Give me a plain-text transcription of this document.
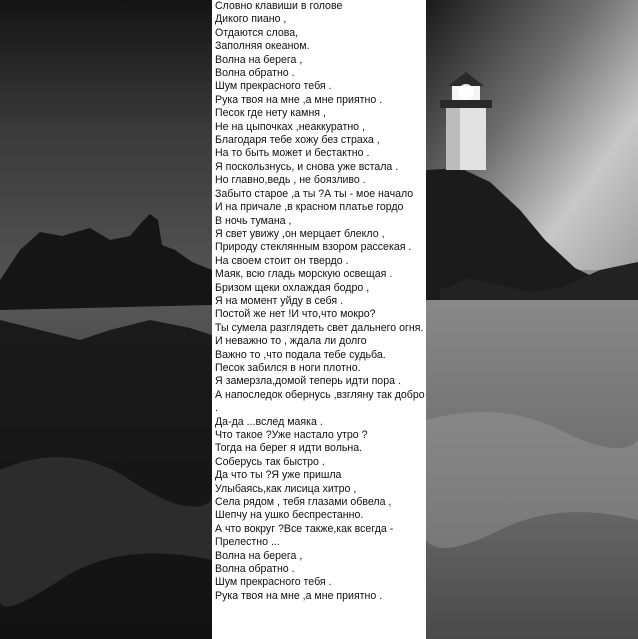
Словно клавиши в голове
Дикого пиано ,
Отдаются слова,
Заполняя океаном.
Волна на берега ,
Волна обратно .
Шум прекрасного тебя .
Рука твоя на мне ,а мне приятно .
Песок где нету камня ,
Не на цыпочках ,неаккуратно ,
Благодаря тебе хожу без страха ,
На то быть может и бестактно .
Я поскользнусь, и снова уже встала .
Но главно,ведь , не боязливо .
Забыто старое ,а ты ?А ты - мое начало
И на причале ,в красном платье гордо
В ночь тумана ,
Я свет увижу ,он мерцает блекло ,
Природу стеклянным взором рассекая .
На своем стоит он твердо .
Маяк, всю гладь морскую освещая .
Бризом щеки охлаждая бодро ,
Я на момент уйду в себя .
Постой же нет !И что,что мокро?
Ты сумела разглядеть свет дальнего огня.
И неважно то , ждала ли долго
Важно то ,что подала тебе судьба.
Песок забился в ноги плотно.
Я замерзла,домой теперь идти пора .
А напоследок обернусь ,взгляну так добро .
Да-да ...вслед маяка .
Что такое ?Уже настало утро ?
Тогда на берег я идти вольна.
Соберусь так быстро .
Да что ты ?Я уже пришла
Улыбаясь,как лисица хитро ,
Села рядом , тебя глазами обвела ,
Шепчу на ушко беспрестанно.
А что вокруг ?Все также,как всегда -
Прелестно ...
Волна на берега ,
Волна обратно .
Шум прекрасного тебя .
Рука твоя на мне ,а мне приятно .
